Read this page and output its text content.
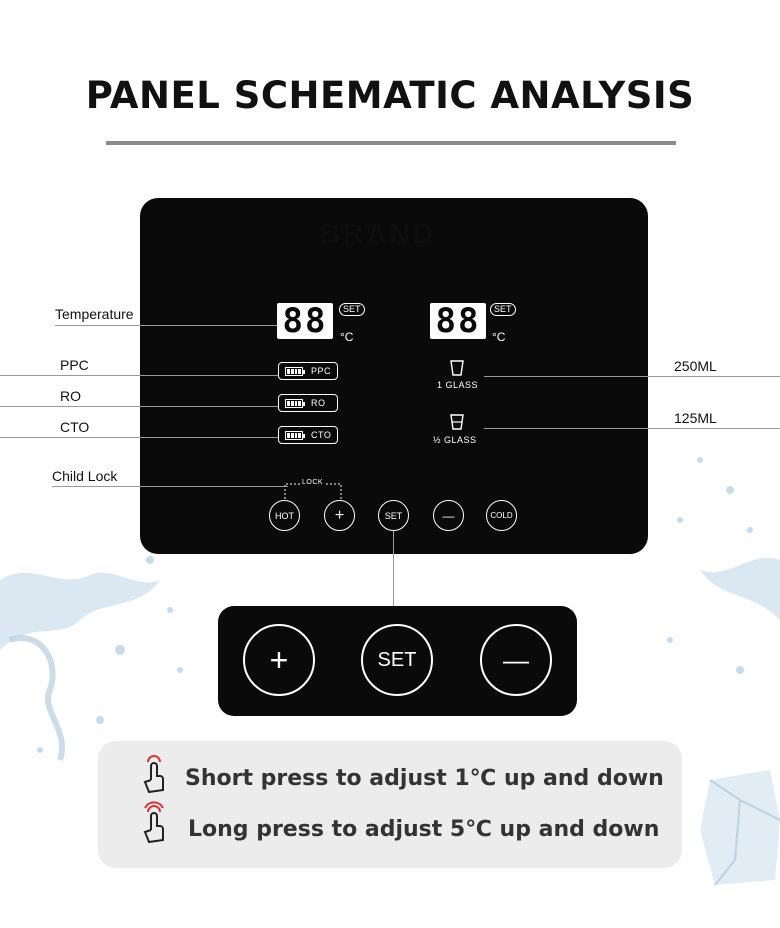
PANEL SCHEMATIC ANALYSIS
BRAND
88	SET
°C 88	SET
°C
PPC
RO
CTO
1 GLASS
½ GLASS
LOCK
HOT	+	SET	—	COLD
+	SET	—
Temperature
PPC
RO
CTO
Child Lock
250ML
125ML
Short press to adjust 1℃ up and down
Long press to adjust 5℃ up and down
